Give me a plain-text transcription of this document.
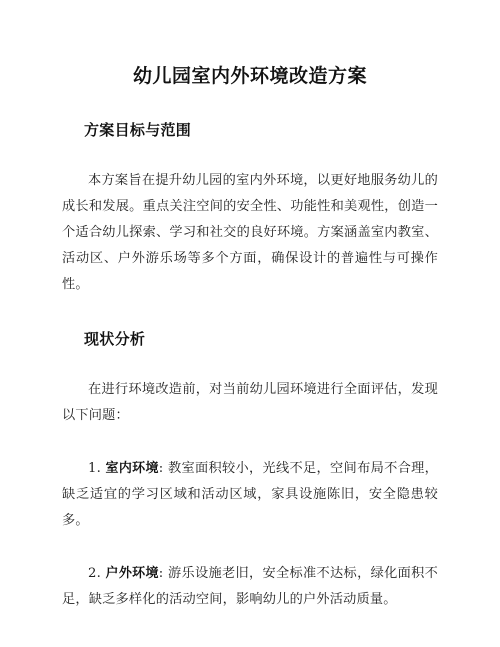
幼儿园室内外环境改造方案
方案目标与范围

本方案旨在提升幼儿园的室内外环境，以更好地服务幼儿的成长和发展。重点关注空间的安全性、功能性和美观性，创造一个适合幼儿探索、学习和社交的良好环境。方案涵盖室内教室、活动区、户外游乐场等多个方面，确保设计的普遍性与可操作性。

现状分析

在进行环境改造前，对当前幼儿园环境进行全面评估，发现以下问题：

1. 室内环境: 教室面积较小，光线不足，空间布局不合理，缺乏适宜的学习区域和活动区域，家具设施陈旧，安全隐患较多。

2. 户外环境: 游乐设施老旧，安全标准不达标，绿化面积不足，缺乏多样化的活动空间，影响幼儿的户外活动质量。
